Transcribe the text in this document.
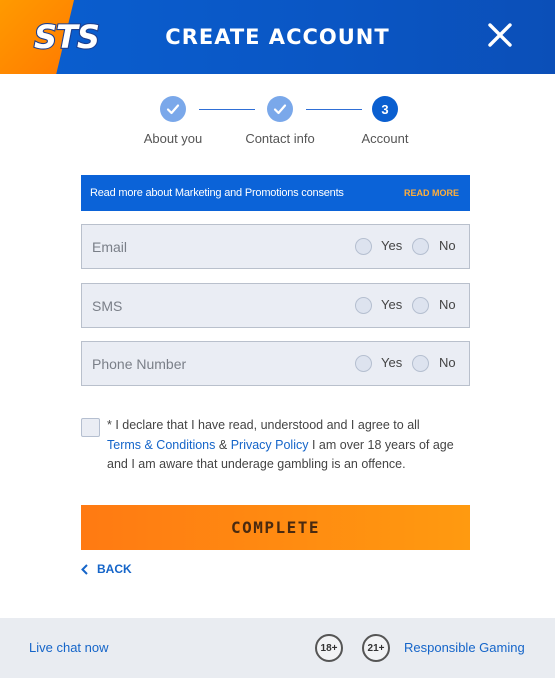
STS	CREATE ACCOUNT
3
About you	Contact info	Account
Read more about Marketing and Promotions consents	READ MORE
Email	Yes	No
SMS	Yes	No
Phone Number	Yes	No
* I declare that I have read, understood and I agree to all
Terms & Conditions & Privacy Policy I am over 18 years of age and I am aware that underage gambling is an offence.
COMPLETE
BACK
Live chat now	18+	21+	Responsible Gaming
